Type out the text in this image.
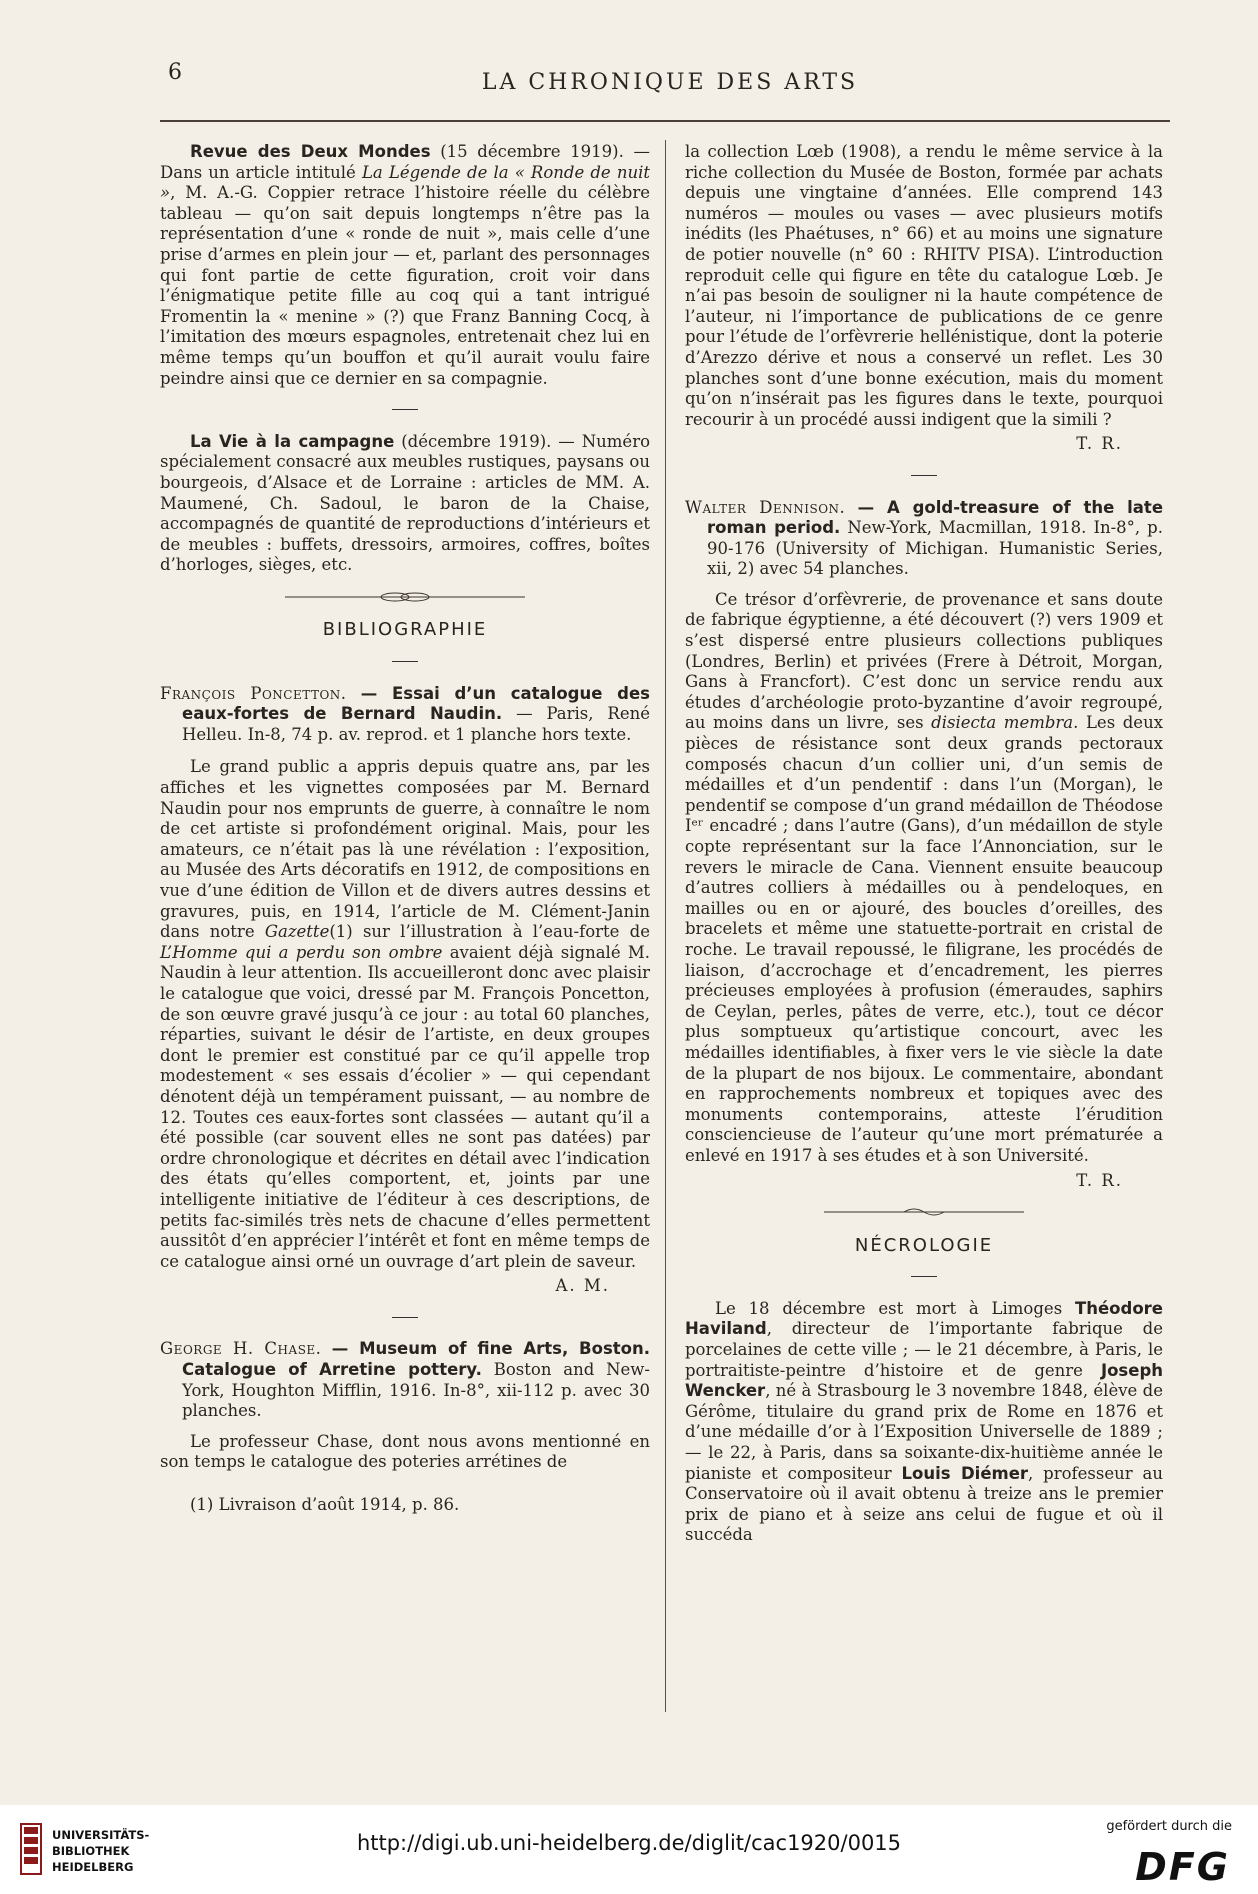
6	LA CHRONIQUE DES ARTS

Revue des Deux Mondes (15 décembre 1919). — Dans un article intitulé La Légende de la « Ronde de nuit », M. A.-G. Coppier retrace l’histoire réelle du célèbre tableau — qu’on sait depuis longtemps n’être pas la représentation d’une « ronde de nuit », mais celle d’une prise d’armes en plein jour — et, parlant des personnages qui font partie de cette figuration, croit voir dans l’énigmatique petite fille au coq qui a tant intrigué Fromentin la « menine » (?) que Franz Banning Cocq, à l’imitation des mœurs espagnoles, entretenait chez lui en même temps qu’un bouffon et qu’il aurait voulu faire peindre ainsi que ce dernier en sa compagnie.

La Vie à la campagne (décembre 1919). — Numéro spécialement consacré aux meubles rustiques, paysans ou bourgeois, d’Alsace et de Lorraine : articles de MM. A. Maumené, Ch. Sadoul, le baron de la Chaise, accompagnés de quantité de reproductions d’intérieurs et de meubles : buffets, dressoirs, armoires, coffres, boîtes d’horloges, sièges, etc.

BIBLIOGRAPHIE

François Poncetton. — Essai d’un catalogue des eaux-fortes de Bernard Naudin. — Paris, René Helleu. In-8, 74 p. av. reprod. et 1 planche hors texte.

Le grand public a appris depuis quatre ans, par les affiches et les vignettes composées par M. Bernard Naudin pour nos emprunts de guerre, à connaître le nom de cet artiste si profondément original. Mais, pour les amateurs, ce n’était pas là une révélation : l’exposition, au Musée des Arts décoratifs en 1912, de compositions en vue d’une édition de Villon et de divers autres dessins et gravures, puis, en 1914, l’article de M. Clément-Janin dans notre Gazette(1) sur l’illustration à l’eau-forte de L’Homme qui a perdu son ombre avaient déjà signalé M. Naudin à leur attention. Ils accueilleront donc avec plaisir le catalogue que voici, dressé par M. François Poncetton, de son œuvre gravé jusqu’à ce jour : au total 60 planches, réparties, suivant le désir de l’artiste, en deux groupes dont le premier est constitué par ce qu’il appelle trop modestement « ses essais d’écolier » — qui cependant dénotent déjà un tempérament puissant, — au nombre de 12. Toutes ces eaux-fortes sont classées — autant qu’il a été possible (car souvent elles ne sont pas datées) par ordre chronologique et décrites en détail avec l’indication des états qu’elles comportent, et, joints par une intelligente initiative de l’éditeur à ces descriptions, de petits fac-similés très nets de chacune d’elles permettent aussitôt d’en apprécier l’intérêt et font en même temps de ce catalogue ainsi orné un ouvrage d’art plein de saveur.

A. M.

George H. Chase. — Museum of fine Arts, Boston. Catalogue of Arretine pottery. Boston and New-York, Houghton Mifflin, 1916. In-8°, xii-112 p. avec 30 planches.

Le professeur Chase, dont nous avons mentionné en son temps le catalogue des poteries arrétines de

(1) Livraison d’août 1914, p. 86.

la collection Lœb (1908), a rendu le même service à la riche collection du Musée de Boston, formée par achats depuis une vingtaine d’années. Elle comprend 143 numéros — moules ou vases — avec plusieurs motifs inédits (les Phaétuses, n° 66) et au moins une signature de potier nouvelle (n° 60 : RHITV PISA). L’introduction reproduit celle qui figure en tête du catalogue Lœb. Je n’ai pas besoin de souligner ni la haute compétence de l’auteur, ni l’importance de publications de ce genre pour l’étude de l’orfèvrerie hellénistique, dont la poterie d’Arezzo dérive et nous a conservé un reflet. Les 30 planches sont d’une bonne exécution, mais du moment qu’on n’insérait pas les figures dans le texte, pourquoi recourir à un procédé aussi indigent que la simili ?

T. R.

Walter Dennison. — A gold-treasure of the late roman period. New-York, Macmillan, 1918. In-8°, p. 90-176 (University of Michigan. Humanistic Series, xii, 2) avec 54 planches.

Ce trésor d’orfèvrerie, de provenance et sans doute de fabrique égyptienne, a été découvert (?) vers 1909 et s’est dispersé entre plusieurs collections publiques (Londres, Berlin) et privées (Frere à Détroit, Morgan, Gans à Francfort). C’est donc un service rendu aux études d’archéologie proto-byzantine d’avoir regroupé, au moins dans un livre, ses disiecta membra. Les deux pièces de résistance sont deux grands pectoraux composés chacun d’un collier uni, d’un semis de médailles et d’un pendentif : dans l’un (Morgan), le pendentif se compose d’un grand médaillon de Théodose Iᵉʳ encadré ; dans l’autre (Gans), d’un médaillon de style copte représentant sur la face l’Annonciation, sur le revers le miracle de Cana. Viennent ensuite beaucoup d’autres colliers à médailles ou à pendeloques, en mailles ou en or ajouré, des boucles d’oreilles, des bracelets et même une statuette-portrait en cristal de roche. Le travail repoussé, le filigrane, les procédés de liaison, d’accrochage et d’encadrement, les pierres précieuses employées à profusion (émeraudes, saphirs de Ceylan, perles, pâtes de verre, etc.), tout ce décor plus somptueux qu’artistique concourt, avec les médailles identifiables, à fixer vers le vie siècle la date de la plupart de nos bijoux. Le commentaire, abondant en rapprochements nombreux et topiques avec des monuments contemporains, atteste l’érudition consciencieuse de l’auteur qu’une mort prématurée a enlevé en 1917 à ses études et à son Université.

T. R.
NÉCROLOGIE

Le 18 décembre est mort à Limoges Théodore Haviland, directeur de l’importante fabrique de porcelaines de cette ville ; — le 21 décembre, à Paris, le portraitiste-peintre d’histoire et de genre Joseph Wencker, né à Strasbourg le 3 novembre 1848, élève de Gérôme, titulaire du grand prix de Rome en 1876 et d’une médaille d’or à l’Exposition Universelle de 1889 ; — le 22, à Paris, dans sa soixante-dix-huitième année le pianiste et compositeur Louis Diémer, professeur au Conservatoire où il avait obtenu à treize ans le premier prix de piano et à seize ans celui de fugue et où il succéda

UNIVERSITÄTS-
BIBLIOTHEK
HEIDELBERG
http://digi.ub.uni-heidelberg.de/diglit/cac1920/0015
gefördert durch die
DFG
